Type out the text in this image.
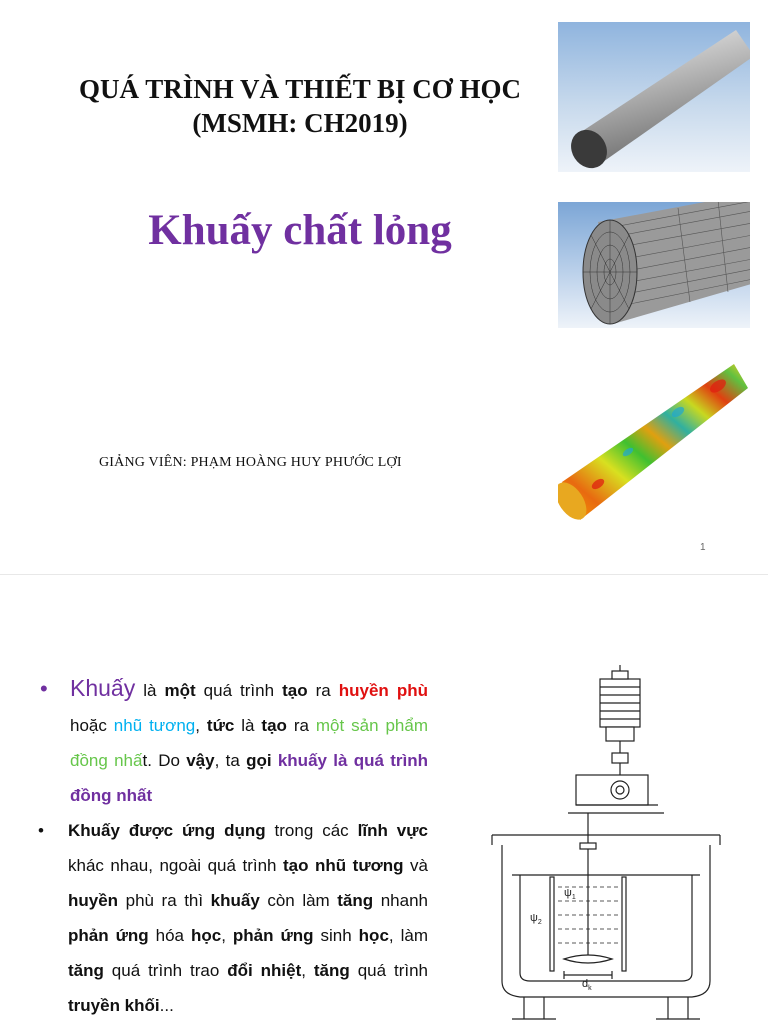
QUÁ TRÌNH VÀ THIẾT BỊ CƠ HỌC
(MSMH: CH2019)
Khuấy chất lỏng
GIẢNG VIÊN: PHẠM HOÀNG HUY PHƯỚC LỢI
1
• Khuấy là một quá trình tạo ra huyền phù hoặc nhũ tương, tức là tạo ra một sản phẩm đồng nhất. Do vậy, ta gọi khuấy là quá trình đồng nhất
•	Khuấy được ứng dụng trong các lĩnh vực khác nhau, ngoài quá trình tạo nhũ tương và huyền phù ra thì khuấy còn làm tăng nhanh phản ứng hóa học, phản ứng sinh học, làm tăng quá trình trao đổi nhiệt, tăng quá trình truyền khối...
$\psi_1$
$\psi_2$
$d_k$
